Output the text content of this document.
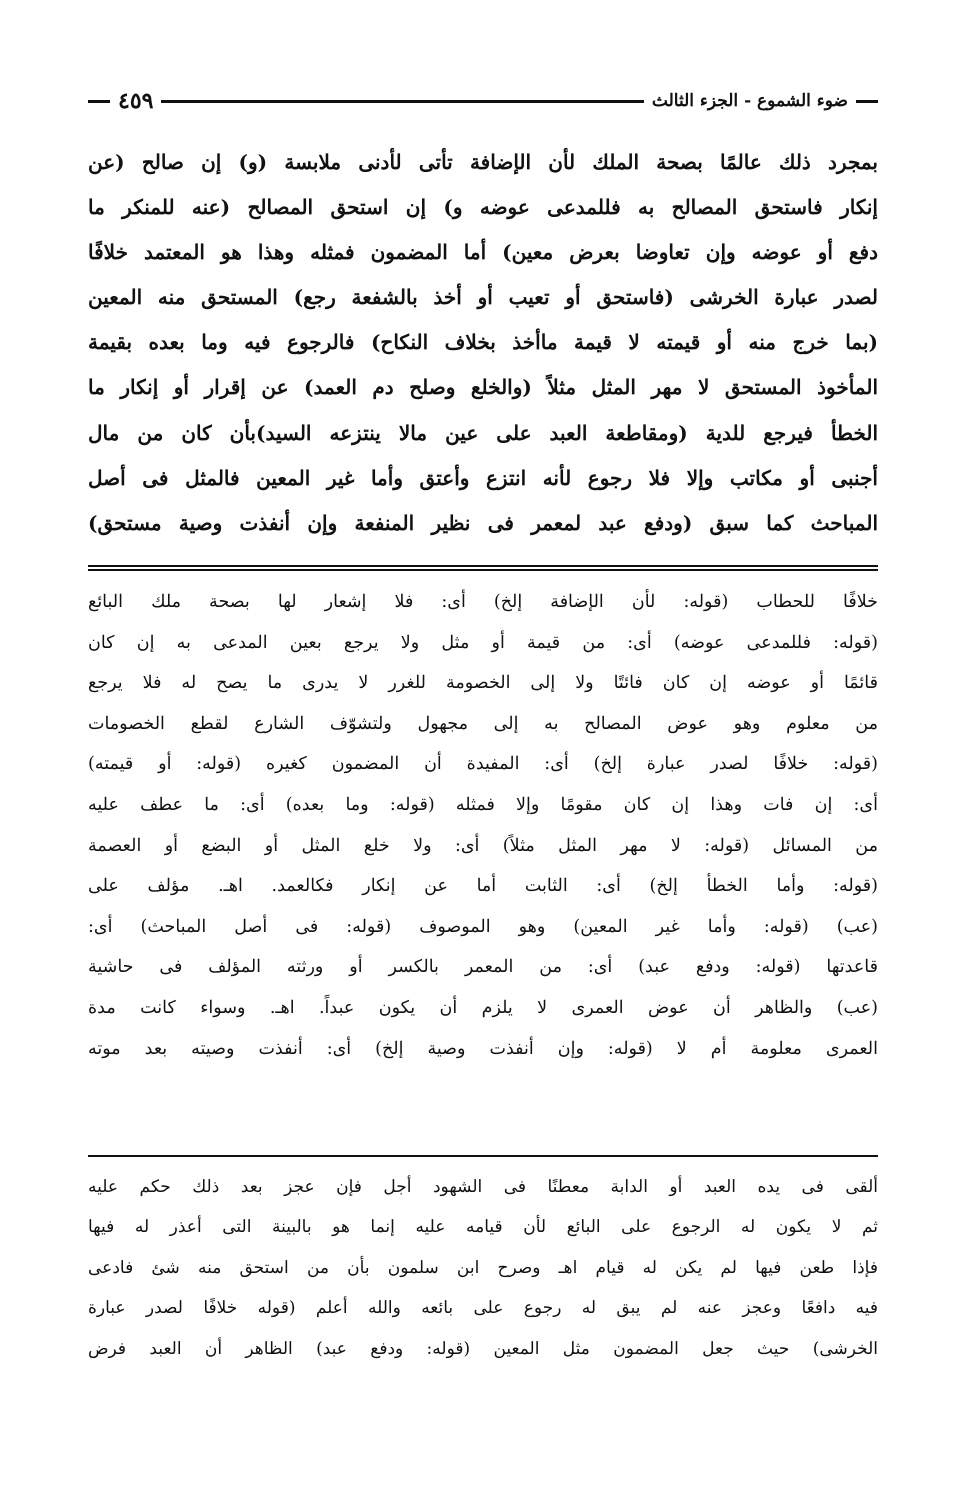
ضوء الشموع - الجزء الثالث
٤٥٩
بمجرد ذلك عالمًا بصحة الملك لأن الإضافة تأتى لأدنى ملابسة (و) إن صالح (عن
إنكار فاستحق المصالح به فللمدعى عوضه و) إن استحق المصالح (عنه للمنكر ما
دفع أو عوضه وإن تعاوضا بعرض معين) أما المضمون فمثله وهذا هو المعتمد خلافًا
لصدر عبارة الخرشى (فاستحق أو تعيب أو أخذ بالشفعة رجع) المستحق منه المعين
(بما خرج منه أو قيمته لا قيمة ماأخذ بخلاف النكاح) فالرجوع فيه وما بعده بقيمة
المأخوذ المستحق لا مهر المثل مثلاً (والخلع وصلح دم العمد) عن إقرار أو إنكار ما
الخطأ فيرجع للدية (ومقاطعة العبد على عين مالا ينتزعه السيد)بأن كان من مال
أجنبى أو مكاتب وإلا فلا رجوع لأنه انتزع وأعتق وأما غير المعين فالمثل فى أصل
المباحث كما سبق (ودفع عبد لمعمر فى نظير المنفعة وإن أنفذت وصية مستحق)
خلافًا للحطاب (قوله: لأن الإضافة إلخ) أى: فلا إشعار لها بصحة ملك البائع
(قوله: فللمدعى عوضه) أى: من قيمة أو مثل ولا يرجع بعين المدعى به إن كان
قائمًا أو عوضه إن كان فائتًا ولا إلى الخصومة للغرر لا يدرى ما يصح له فلا يرجع
من معلوم وهو عوض المصالح به إلى مجهول ولتشوّف الشارع لقطع الخصومات
(قوله: خلافًا لصدر عبارة إلخ) أى: المفيدة أن المضمون كغيره (قوله: أو قيمته)
أى: إن فات وهذا إن كان مقومًا وإلا فمثله (قوله: وما بعده) أى: ما عطف عليه
من المسائل (قوله: لا مهر المثل مثلاً) أى: ولا خلع المثل أو البضع أو العصمة
(قوله: وأما الخطأ إلخ) أى: الثابت أما عن إنكار فكالعمد. اهـ. مؤلف على
(عب) (قوله: وأما غير المعين) وهو الموصوف (قوله: فى أصل المباحث) أى:
قاعدتها (قوله: ودفع عبد) أى: من المعمر بالكسر أو ورثته المؤلف فى حاشية
(عب) والظاهر أن عوض العمرى لا يلزم أن يكون عبداً. اهـ. وسواء كانت مدة
العمرى معلومة أم لا (قوله: وإن أنفذت وصية إلخ) أى: أنفذت وصيته بعد موته
ألقى فى يده العبد أو الدابة معطنًا فى الشهود أجل فإن عجز بعد ذلك حكم عليه
ثم لا يكون له الرجوع على البائع لأن قيامه عليه إنما هو بالبينة التى أعذر له فيها
فإذا طعن فيها لم يكن له قيام اهـ وصرح ابن سلمون بأن من استحق منه شئ فادعى
فيه دافعًا وعجز عنه لم يبق له رجوع على بائعه والله أعلم (قوله خلافًا لصدر عبارة
الخرشى) حيث جعل المضمون مثل المعين (قوله: ودفع عبد) الظاهر أن العبد فرض
